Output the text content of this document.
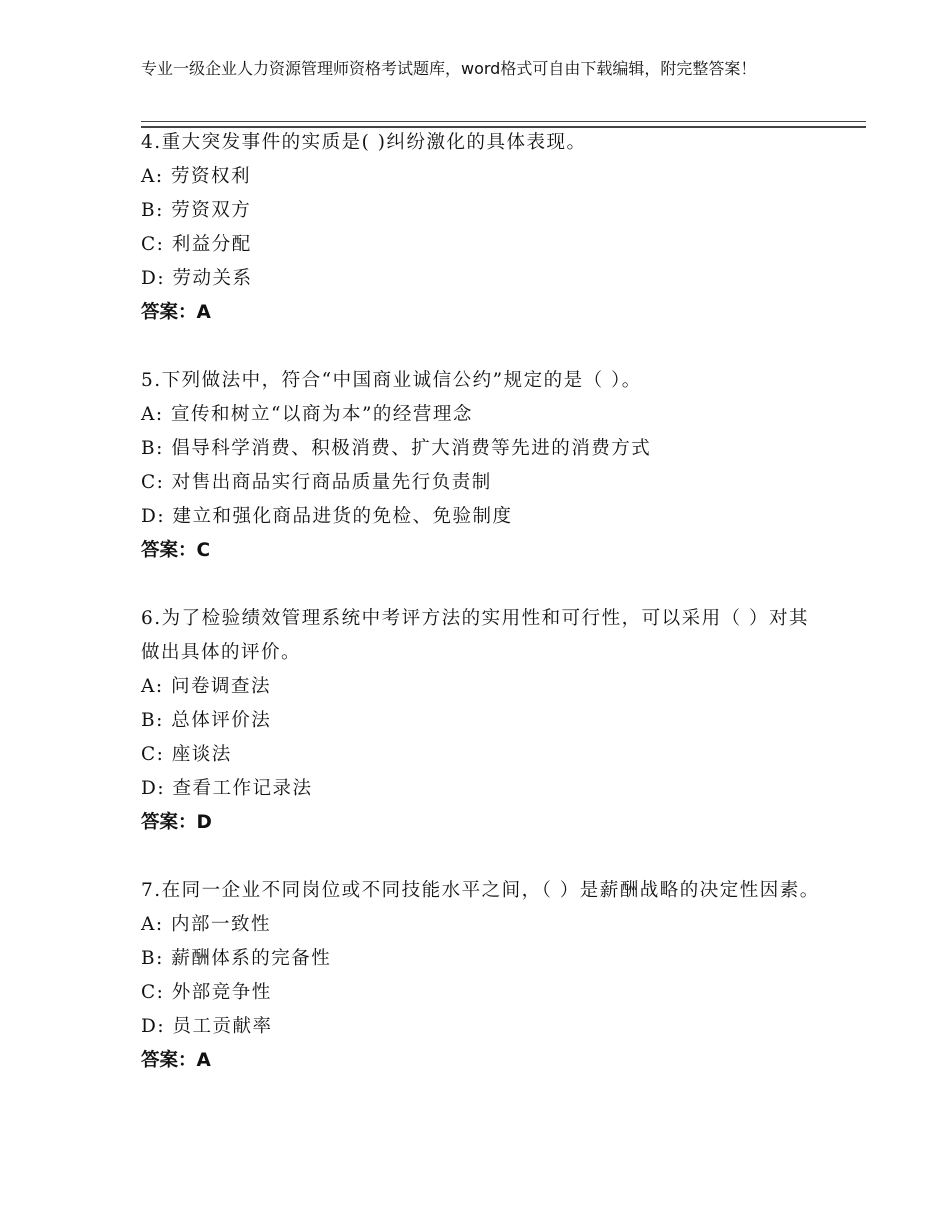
专业一级企业人力资源管理师资格考试题库，word格式可自由下载编辑，附完整答案！

4.重大突发事件的实质是( )纠纷激化的具体表现。

A: 劳资权利

B: 劳资双方

C: 利益分配

D: 劳动关系

答案：A

5.下列做法中，符合“中国商业诚信公约”规定的是（ ）。

A: 宣传和树立“以商为本”的经营理念

B: 倡导科学消费、积极消费、扩大消费等先进的消费方式

C: 对售出商品实行商品质量先行负责制

D: 建立和强化商品进货的免检、免验制度

答案：C

6.为了检验绩效管理系统中考评方法的实用性和可行性，可以采用（ ）对其做出具体的评价。

A: 问卷调查法

B: 总体评价法

C: 座谈法

D: 查看工作记录法

答案：D

7.在同一企业不同岗位或不同技能水平之间，（ ）是薪酬战略的决定性因素。

A: 内部一致性

B: 薪酬体系的完备性

C: 外部竞争性

D: 员工贡献率

答案：A
